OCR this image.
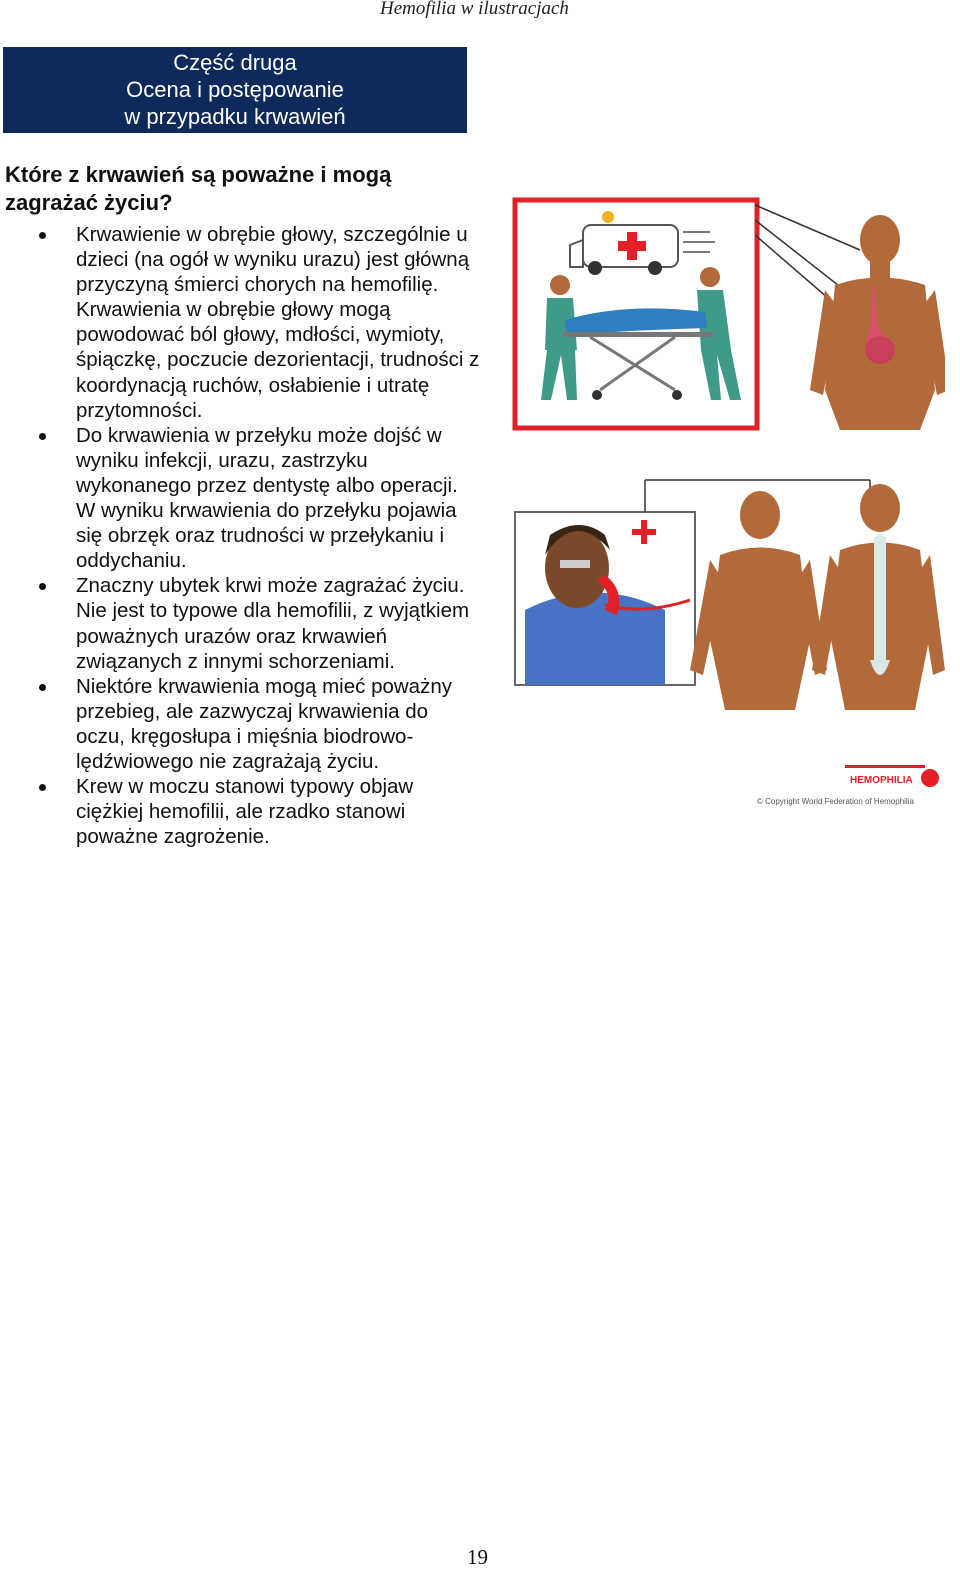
Hemofilia w ilustracjach
Część druga
Ocena i postępowanie
w przypadku krwawień
Które z krwawień są poważne i mogą zagrażać życiu?
Krwawienie w obrębie głowy, szczególnie u dzieci (na ogół w wyniku urazu) jest główną przyczyną śmierci chorych na hemofilię. Krwawienia w obrębie głowy mogą powodować ból głowy, mdłości, wymioty, śpiączkę, poczucie dezorientacji, trudności z koordynacją ruchów, osłabienie i utratę przytomności.
Do krwawienia w przełyku może dojść w wyniku infekcji, urazu, zastrzyku wykonanego przez dentystę albo operacji. W wyniku krwawienia do przełyku pojawia się obrzęk oraz trudności w przełykaniu i oddychaniu.
Znaczny ubytek krwi może zagrażać życiu. Nie jest to typowe dla hemofilii, z wyjątkiem poważnych urazów oraz krwawień związanych z innymi schorzeniami.
Niektóre krwawienia mogą mieć poważny przebieg, ale zazwyczaj krwawienia do oczu, kręgosłupa i mięśnia biodrowo-lędźwiowego nie zagrażają życiu.
Krew w moczu stanowi typowy objaw ciężkiej hemofilii, ale rzadko stanowi poważne zagrożenie.
HEMOPHILIA
© Copyright World Federation of Hemophilia
19
